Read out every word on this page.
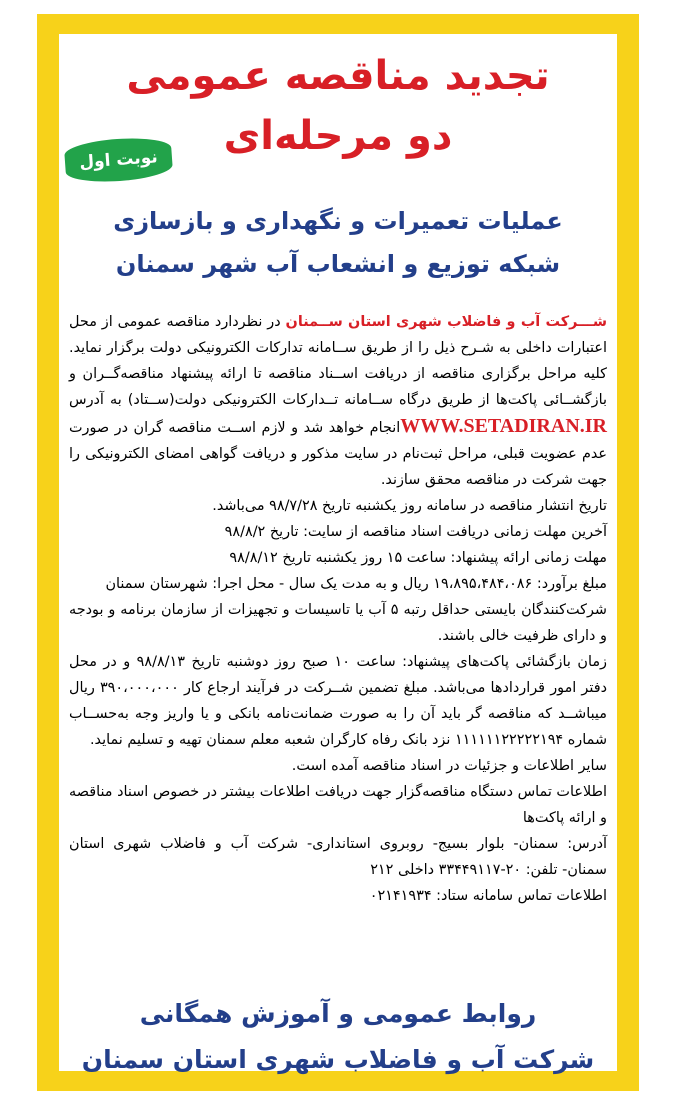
تجدید مناقصه عمومی
دو مرحله‌ای
نوبت اول
عملیات تعمیرات و نگهداری و بازسازی
شبکه توزیع و انشعاب آب شهر سمنان

شـــرکت آب و فاضلاب شهری استان ســمنان در نظردارد مناقصه عمومی از محل اعتبارات داخلی به شـرح ذیل را از طریق ســامانه تدارکات الکترونیکی دولت برگزار نماید. کلیه مراحل برگزاری مناقصه از دریافت اســناد مناقصه تا ارائه پیشنهاد مناقصه‌گــران و بازگشــائی پاکت‌ها از طریق درگاه ســامانه تــدارکات الکترونیکی دولت(ســتاد) به آدرس WWW.SETADIRAN.IRانجام خواهد شد و لازم اســت مناقصه گران در صورت عدم عضویت قبلی، مراحل ثبت‌نام در سایت مذکور و دریافت گواهی امضای الکترونیکی را جهت شرکت در مناقصه محقق سازند.

تاریخ انتشار مناقصه در سامانه روز یکشنبه تاریخ ۹۸/۷/۲۸ می‌باشد.

آخرین مهلت زمانی دریافت اسناد مناقصه از سایت: تاریخ ۹۸/۸/۲

مهلت زمانی ارائه پیشنهاد: ساعت ۱۵ روز یکشنبه تاریخ ۹۸/۸/۱۲

مبلغ برآورد: ۱۹،۸۹۵،۴۸۴،۰۸۶ ریال و به مدت یک سال - محل اجرا: شهرستان سمنان

شرکت‌کنندگان بایستی حداقل رتبه ۵ آب یا تاسیسات و تجهیزات از سازمان برنامه و بودجه و دارای ظرفیت خالی باشند.

زمان بازگشائی پاکت‌های پیشنهاد: ساعت ۱۰ صبح روز دوشنبه تاریخ ۹۸/۸/۱۳ و در محل دفتر امور قراردادها می‌باشد. مبلغ تضمین شــرکت در فرآیند ارجاع کار ۳۹۰،۰۰۰،۰۰۰ ریال میباشــد که مناقصه گر باید آن را به صورت ضمانت‌نامه بانکی و یا واریز وجه به‌حســاب شماره ۱۱۱۱۱۱۲۲۲۲۲۱۹۴ نزد بانک رفاه کارگران شعبه معلم سمنان تهیه و تسلیم نماید.

سایر اطلاعات و جزئیات در اسناد مناقصه آمده است.

اطلاعات تماس دستگاه مناقصه‌گزار جهت دریافت اطلاعات بیشتر در خصوص اسناد مناقصه و ارائه پاکت‌ها

آدرس: سمنان- بلوار بسیج- روبروی استانداری- شرکت آب و فاضلاب شهری استان سمنان- تلفن: ۲۰-۳۳۴۴۹۱۱۷ داخلی ۲۱۲

اطلاعات تماس سامانه ستاد: ۰۲۱۴۱۹۳۴

روابط عمومی و آموزش همگانی
شرکت آب و فاضلاب شهری استان سمنان
